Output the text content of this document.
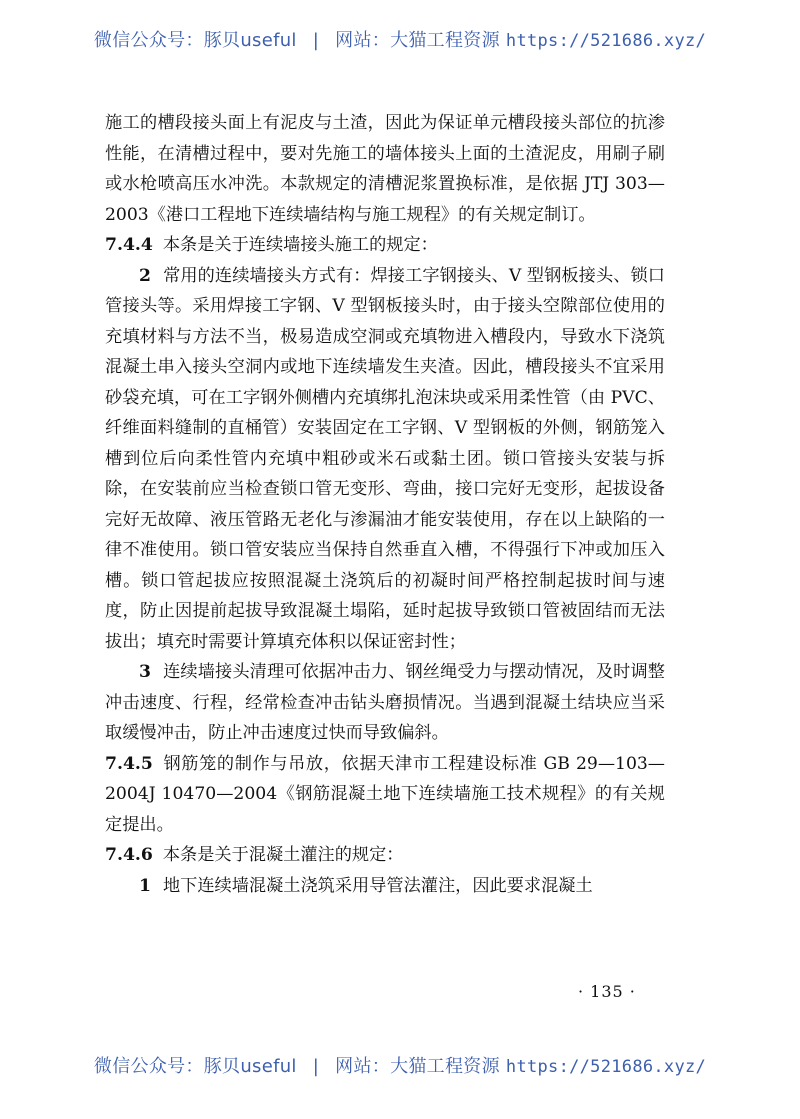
微信公众号：豚贝useful | 网站：大猫工程资源 https://521686.xyz/

施工的槽段接头面上有泥皮与土渣，因此为保证单元槽段接头部位的抗渗性能，在清槽过程中，要对先施工的墙体接头上面的土渣泥皮，用刷子刷或水枪喷高压水冲洗。本款规定的清槽泥浆置换标准，是依据 JTJ 303—2003《港口工程地下连续墙结构与施工规程》的有关规定制订。

7.4.4 本条是关于连续墙接头施工的规定：

2 常用的连续墙接头方式有：焊接工字钢接头、V 型钢板接头、锁口管接头等。采用焊接工字钢、V 型钢板接头时，由于接头空隙部位使用的充填材料与方法不当，极易造成空洞或充填物进入槽段内，导致水下浇筑混凝土串入接头空洞内或地下连续墙发生夹渣。因此，槽段接头不宜采用砂袋充填，可在工字钢外侧槽内充填绑扎泡沫块或采用柔性管（由 PVC、纤维面料缝制的直桶管）安装固定在工字钢、V 型钢板的外侧，钢筋笼入槽到位后向柔性管内充填中粗砂或米石或黏土团。锁口管接头安装与拆除，在安装前应当检查锁口管无变形、弯曲，接口完好无变形，起拔设备完好无故障、液压管路无老化与渗漏油才能安装使用，存在以上缺陷的一律不准使用。锁口管安装应当保持自然垂直入槽，不得强行下冲或加压入槽。锁口管起拔应按照混凝土浇筑后的初凝时间严格控制起拔时间与速度，防止因提前起拔导致混凝土塌陷，延时起拔导致锁口管被固结而无法拔出；填充时需要计算填充体积以保证密封性；

3 连续墙接头清理可依据冲击力、钢丝绳受力与摆动情况，及时调整冲击速度、行程，经常检查冲击钻头磨损情况。当遇到混凝土结块应当采取缓慢冲击，防止冲击速度过快而导致偏斜。

7.4.5 钢筋笼的制作与吊放，依据天津市工程建设标准 GB 29—103—2004J 10470—2004《钢筋混凝土地下连续墙施工技术规程》的有关规定提出。

7.4.6 本条是关于混凝土灌注的规定：

1 地下连续墙混凝土浇筑采用导管法灌注，因此要求混凝土

· 135 ·
微信公众号：豚贝useful | 网站：大猫工程资源 https://521686.xyz/
